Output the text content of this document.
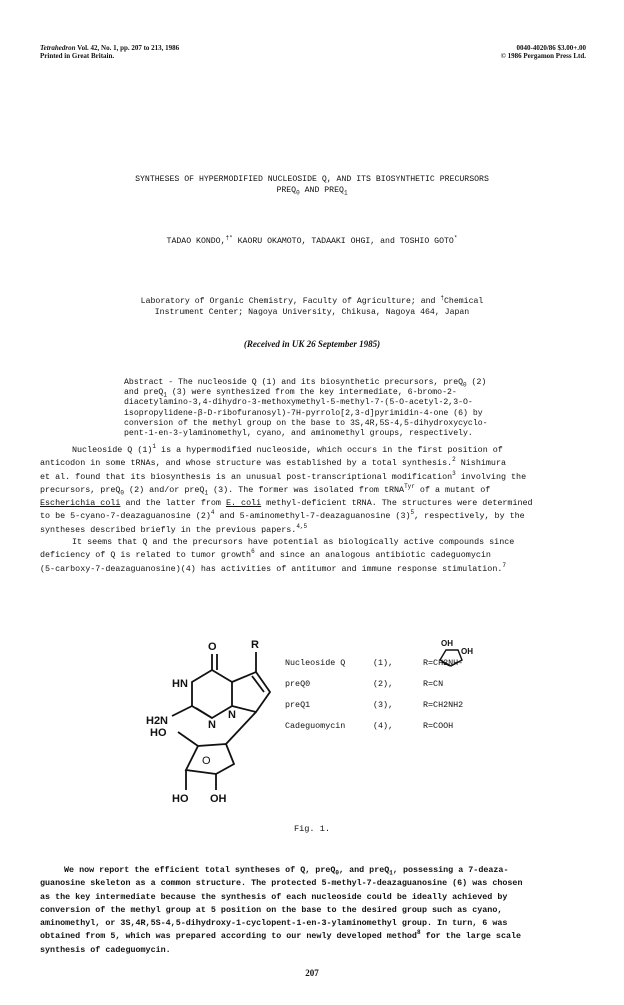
Tetrahedron Vol. 42, No. 1, pp. 207 to 213, 1986
Printed in Great Britain.
0040-4020/86 $3.00+.00
© 1986 Pergamon Press Ltd.
SYNTHESES OF HYPERMODIFIED NUCLEOSIDE Q, AND ITS BIOSYNTHETIC PRECURSORS
$PREQ_0$ AND $PREQ_1$
TADAO KONDO,†* KAORU OKAMOTO, TADAAKI OHGI, and TOSHIO GOTO*
Laboratory of Organic Chemistry, Faculty of Agriculture; and †Chemical
Instrument Center; Nagoya University, Chikusa, Nagoya 464, Japan
(Received in UK 26 September 1985)
Abstract - The nucleoside Q (1) and its biosynthetic precursors, preQ$_0$ (2)
and preQ$_1$ (3) were synthesized from the key intermediate, 6-bromo-2-
diacetylamino-3,4-dihydro-3-methoxymethyl-5-methyl-7-(5-O-acetyl-2,3-O-
isopropylidene-β-D-ribofuranosyl)-7H-pyrrolo[2,3-d]pyrimidin-4-one (6) by
conversion of the methyl group on the base to 3S,4R,5S-4,5-dihydroxycyclo-
pent-1-en-3-ylaminomethyl, cyano, and aminomethyl groups, respectively.
Nucleoside Q $(1)^1$ is a hypermodified nucleoside, which occurs in the first position of
anticodon in some tRNAs, and whose structure was established by a total synthesis.$^2$ Nishimura
et al. found that its biosynthesis is an unusual post-transcriptional modification$^3$ involving the
precursors, preQ$_0$ (2) and/or preQ$_1$ (3). The former was isolated from tRNA$^{Tyr}$ of a mutant of
Escherichia coli and the latter from E. coli methyl-deficient tRNA. The structures were determined
to be 5-cyano-7-deazaguanosine $(2)^4$ and 5-aminomethyl-7-deazaguanosine $(3)^5$, respectively, by the
syntheses described briefly in the previous papers.$^{4,5}$
It seems that Q and the precursors have potential as biologically active compounds since
deficiency of Q is related to tumor growth$^6$ and since an analogous antibiotic cadeguomycin
(5-carboxy-7-deazaguanosine)(4) has activities of antitumor and immune response stimulation.$^7$
O	R
HN
N
N
H2N
HO
O
HO OH
OH
OH
Nucleoside Q	(1),	R=CH2NH-
preQ0	(2),	R=CN
preQ1	(3),	R=CH2NH2
Cadeguomycin	(4),	R=COOH
Fig. 1.
We now report the efficient total syntheses of Q, preQ$_0$, and preQ$_1$, possessing a 7-deaza-
guanosine skeleton as a common structure. The protected 5-methyl-7-deazaguanosine (6) was chosen
as the key intermediate because the synthesis of each nucleoside could be ideally achieved by
conversion of the methyl group at 5 position on the base to the desired group such as cyano,
aminomethyl, or 3S,4R,5S-4,5-dihydroxy-1-cyclopent-1-en-3-ylaminomethyl group. In turn, 6 was
obtained from 5, which was prepared according to our newly developed method$^8$ for the large scale
synthesis of cadeguomycin.
207
